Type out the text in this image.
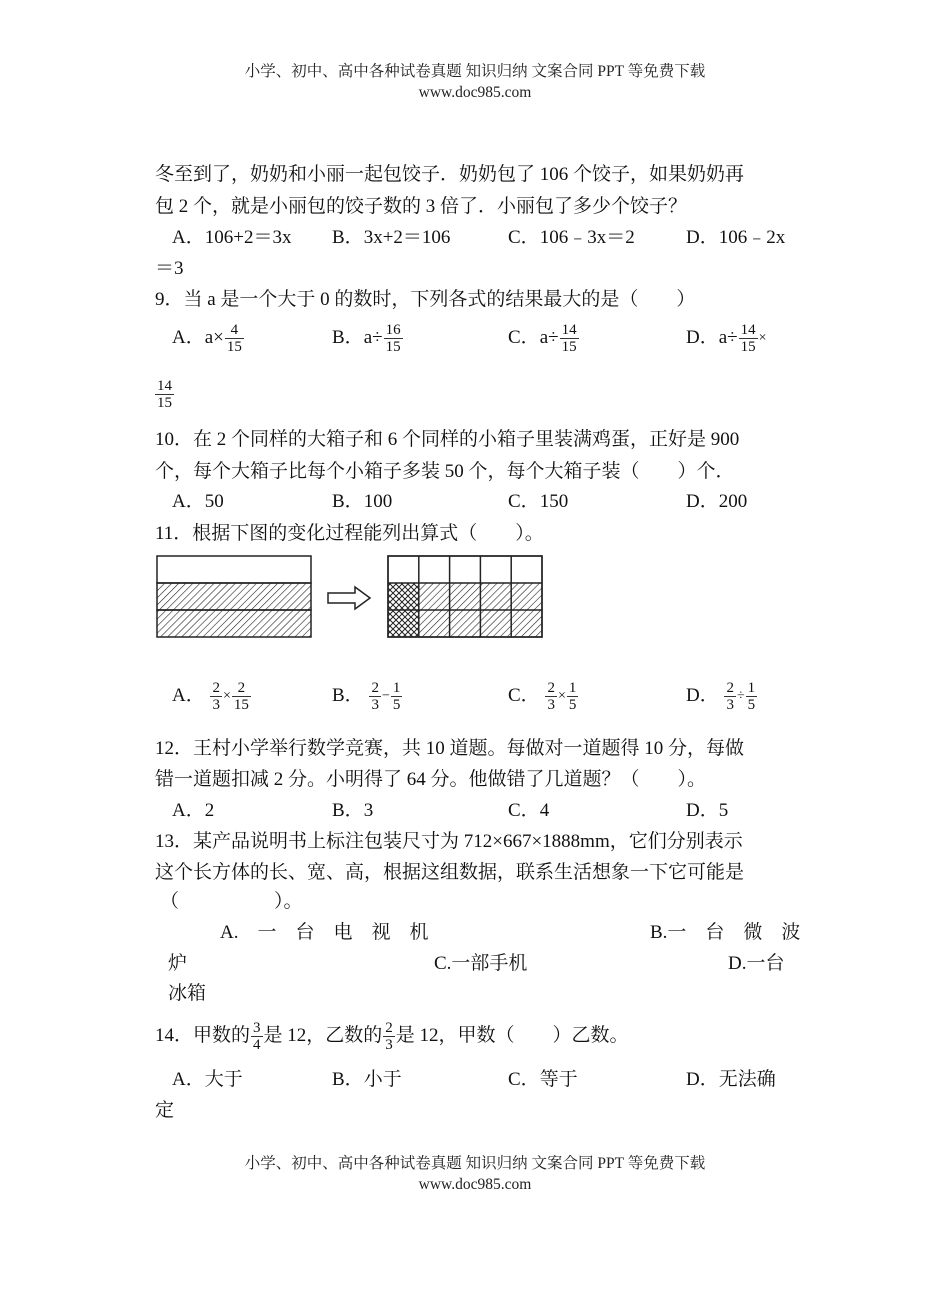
小学、初中、高中各种试卷真题 知识归纳 文案合同 PPT 等免费下载
www.doc985.com
冬至到了，奶奶和小丽一起包饺子．奶奶包了 106 个饺子，如果奶奶再
包 2 个，就是小丽包的饺子数的 3 倍了．小丽包了多少个饺子？
A．106+2＝3x B．3x+2＝106	C．106﹣3x＝2	D．106﹣2x
＝3
9．当 a 是一个大于 0 的数时，下列各式的结果最大的是（　　）
A．$a\times \frac{4}{15}$	B．$a\div \frac{16}{15}$	C．$a\div \frac{14}{15}$	D．$a\div \frac{14}{15}$ ×
$\frac{14}{15}$
10．在 2 个同样的大箱子和 6 个同样的小箱子里装满鸡蛋，正好是 900
个，每个大箱子比每个小箱子多装 50 个，每个大箱子装（　　）个．
A．50	B．100	C．150	D．200
11．根据下图的变化过程能列出算式（　　）。
A． $\frac{2}{3} \times \frac{2}{15}$	B． $\frac{2}{3} - \frac{1}{5}$	C． $\frac{2}{3} \times \frac{1}{5}$	D． $\frac{2}{3} \div \frac{1}{5}$
12．王村小学举行数学竞赛，共 10 道题。每做对一道题得 10 分，每做
错一道题扣减 2 分。小明得了 64 分。他做错了几道题？（　　）。
A．2	B．3	C．4	D．5
13．某产品说明书上标注包装尺寸为 712×667×1888mm，它们分别表示
这个长方体的长、宽、高，根据这组数据，联系生活想象一下它可能是
（　　　　　）。
A.　一　台　电　视　机	B.一　台　微　波
炉	C.一部手机	D.一台
冰箱
14．甲数的 $\frac{3}{4}$ 是 12，乙数的 $\frac{2}{3}$ 是 12，甲数（　　）乙数。
A．大于	B．小于	C．等于	D．无法确
定
小学、初中、高中各种试卷真题 知识归纳 文案合同 PPT 等免费下载
www.doc985.com
